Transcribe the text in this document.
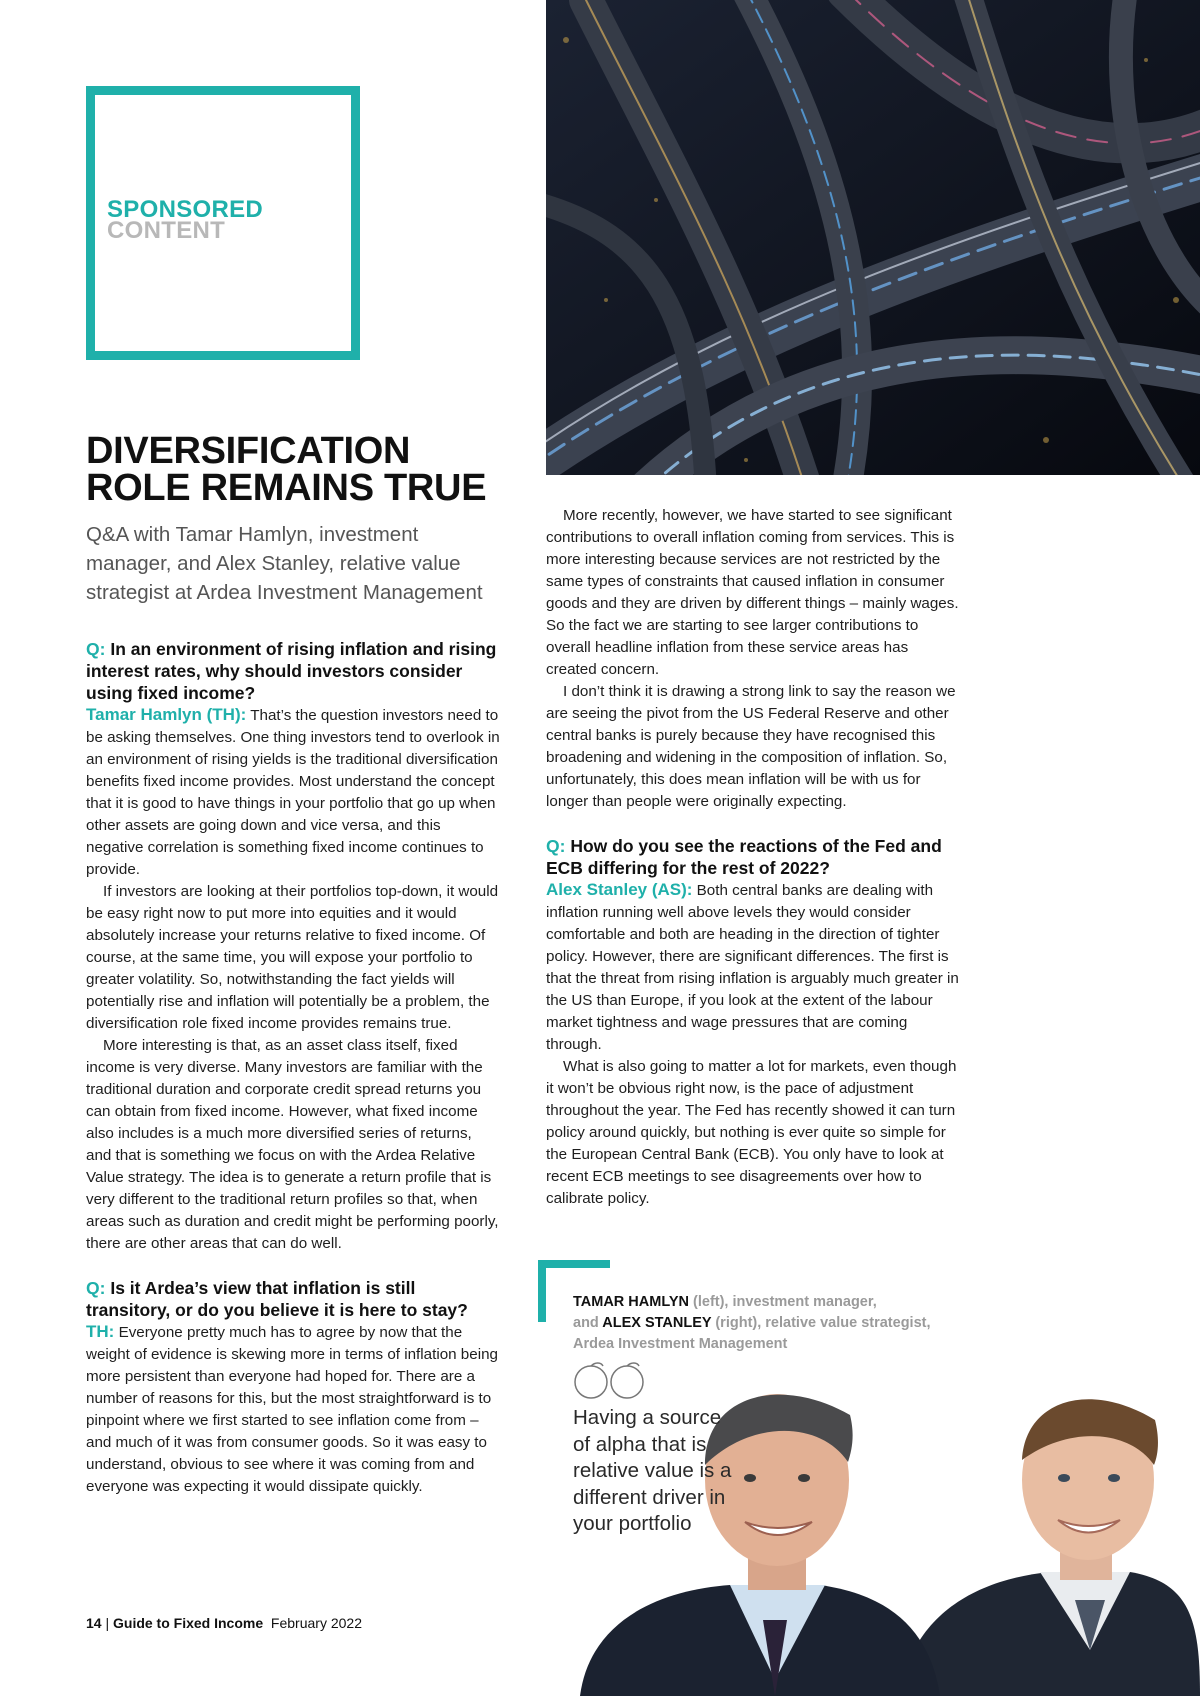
SPONSORED
CONTENT
DIVERSIFICATION
ROLE REMAINS TRUE
Q&A with Tamar Hamlyn, investment manager, and Alex Stanley, relative value strategist at Ardea Investment Management

Q: In an environment of rising inflation and rising interest rates, why should investors consider using fixed income?

Tamar Hamlyn (TH): That’s the question investors need to be asking themselves. One thing investors tend to overlook in an environment of rising yields is the traditional diversification benefits fixed income provides. Most understand the concept that it is good to have things in your portfolio that go up when other assets are going down and vice versa, and this negative correlation is something fixed income continues to provide.

If investors are looking at their portfolios top-down, it would be easy right now to put more into equities and it would absolutely increase your returns relative to fixed income. Of course, at the same time, you will expose your portfolio to greater volatility. So, notwithstanding the fact yields will potentially rise and inflation will potentially be a problem, the diversification role fixed income provides remains true.

More interesting is that, as an asset class itself, fixed income is very diverse. Many investors are familiar with the traditional duration and corporate credit spread returns you can obtain from fixed income. However, what fixed income also includes is a much more diversified series of returns, and that is something we focus on with the Ardea Relative Value strategy. The idea is to generate a return profile that is very different to the traditional return profiles so that, when areas such as duration and credit might be performing poorly, there are other areas that can do well.

Q: Is it Ardea’s view that inflation is still transitory, or do you believe it is here to stay?

TH: Everyone pretty much has to agree by now that the weight of evidence is skewing more in terms of inflation being more persistent than everyone had hoped for. There are a number of reasons for this, but the most straightforward is to pinpoint where we first started to see inflation come from – and much of it was from consumer goods. So it was easy to understand, obvious to see where it was coming from and everyone was expecting it would dissipate quickly.

More recently, however, we have started to see significant contributions to overall inflation coming from services. This is more interesting because services are not restricted by the same types of constraints that caused inflation in consumer goods and they are driven by different things – mainly wages. So the fact we are starting to see larger contributions to overall headline inflation from these service areas has created concern.

I don’t think it is drawing a strong link to say the reason we are seeing the pivot from the US Federal Reserve and other central banks is purely because they have recognised this broadening and widening in the composition of inflation. So, unfortunately, this does mean inflation will be with us for longer than people were originally expecting.

Q: How do you see the reactions of the Fed and ECB differing for the rest of 2022?

Alex Stanley (AS): Both central banks are dealing with inflation running well above levels they would consider comfortable and both are heading in the direction of tighter policy. However, there are significant differences. The first is that the threat from rising inflation is arguably much greater in the US than Europe, if you look at the extent of the labour market tightness and wage pressures that are coming through.

What is also going to matter a lot for markets, even though it won’t be obvious right now, is the pace of adjustment throughout the year. The Fed has recently showed it can turn policy around quickly, but nothing is ever quite so simple for the European Central Bank (ECB). You only have to look at recent ECB meetings to see disagreements over how to calibrate policy.

TAMAR HAMLYN (left), investment manager,
and ALEX STANLEY (right), relative value strategist, Ardea Investment Management
Having a source of alpha that is relative value is a different driver in your portfolio
14 | Guide to Fixed Income February 2022
